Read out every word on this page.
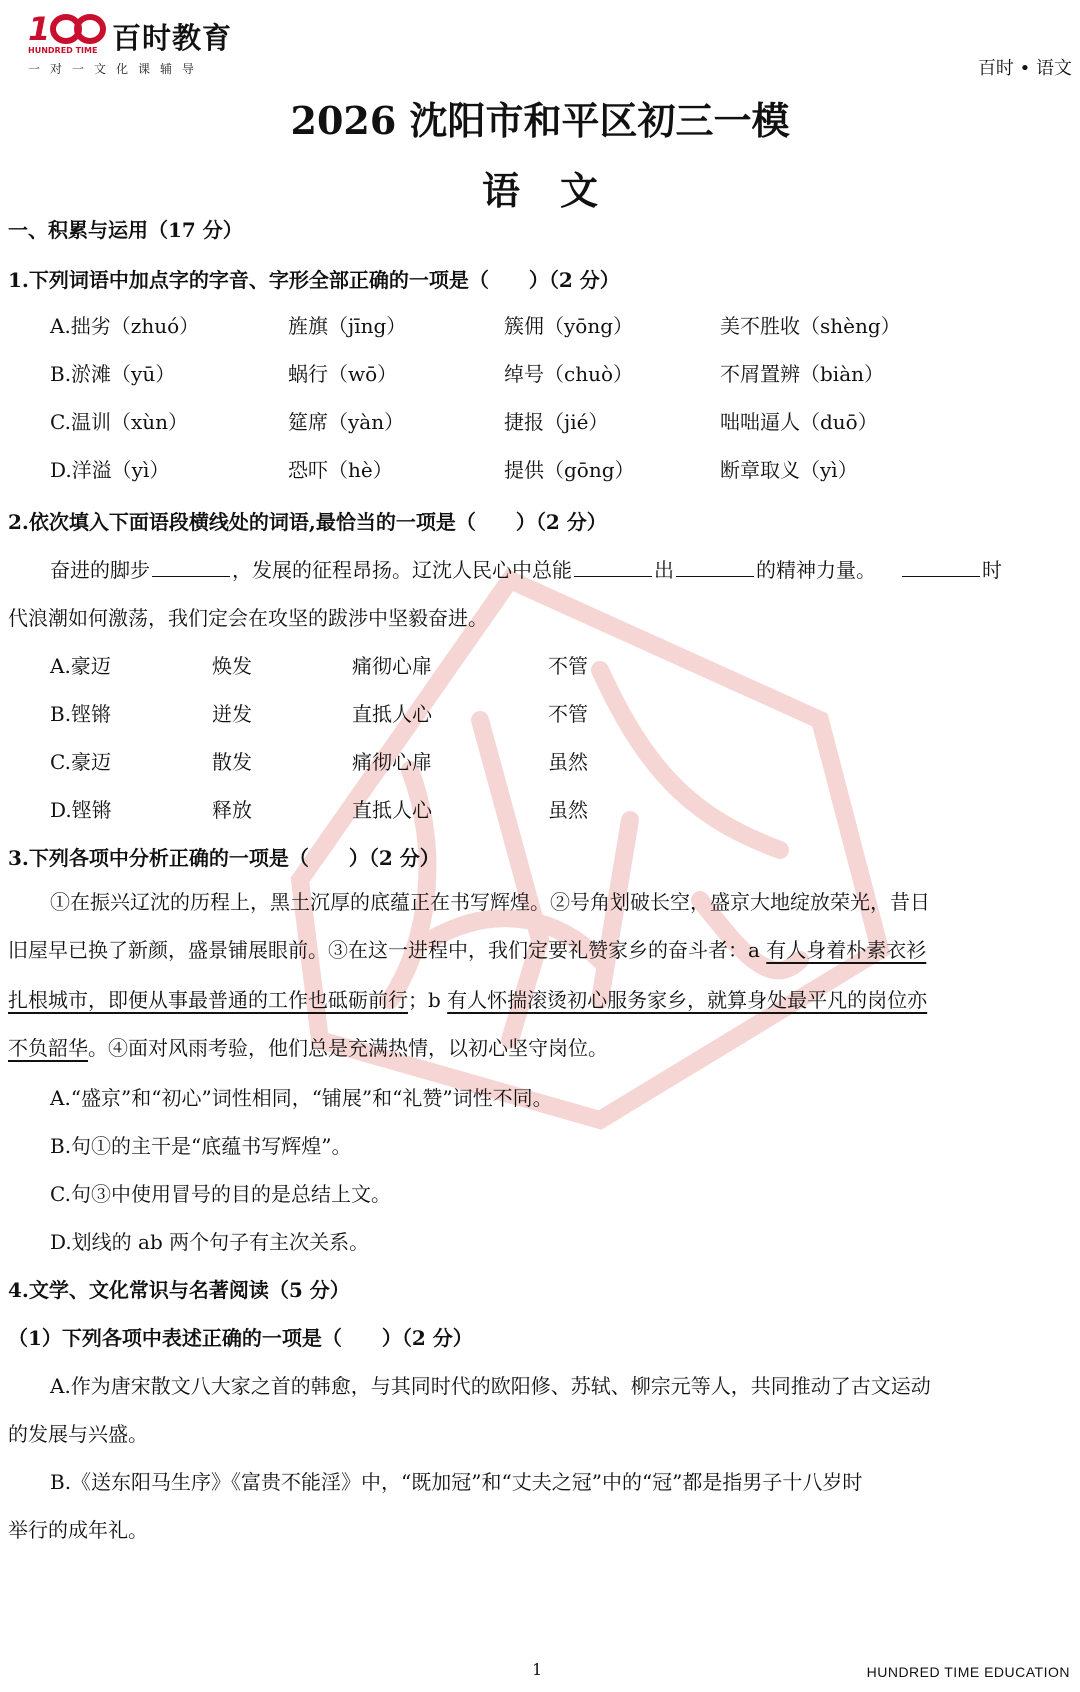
1 百时教育
HUNDRED TIME
一对一文化课辅导	百时 • 语文
2026 沈阳市和平区初三一模
语文
一、积累与运用（17 分）
1.下列词语中加点字的字音、字形全部正确的一项是（　　）（2 分）
A.拙劣（zhuó）	旌旗（jīng）	簇佣（yōng）	美不胜收（shèng）
B.淤滩（yū）	蜗行（wō）	绰号（chuò）	不屑置辨（biàn）
C.温训（xùn）	筵席（yàn）	捷报（jié）	咄咄逼人（duō）
D.洋溢（yì）	恐吓（hè）	提供（gōng）	断章取义（yì）
2.依次填入下面语段横线处的词语,最恰当的一项是（　　）（2 分）
奋进的脚步	，发展的征程昂扬。辽沈人民心中总能	出	的精神力量。	时
代浪潮如何激荡，我们定会在攻坚的跋涉中坚毅奋进。
A.豪迈	焕发	痛彻心扉	不管
B.铿锵	迸发	直抵人心	不管
C.豪迈	散发	痛彻心扉	虽然
D.铿锵	释放	直抵人心	虽然
3.下列各项中分析正确的一项是（　　）（2 分）
①在振兴辽沈的历程上，黑土沉厚的底蕴正在书写辉煌。②号角划破长空，盛京大地绽放荣光，昔日
旧屋早已换了新颜，盛景铺展眼前。③在这一进程中，我们定要礼赞家乡的奋斗者：a 有人身着朴素衣衫
扎根城市，即便从事最普通的工作也砥砺前行；b 有人怀揣滚烫初心服务家乡，就算身处最平凡的岗位亦
不负韶华。④面对风雨考验，他们总是充满热情，以初心坚守岗位。
A.“盛京”和“初心”词性相同，“铺展”和“礼赞”词性不同。
B.句①的主干是“底蕴书写辉煌”。
C.句③中使用冒号的目的是总结上文。
D.划线的 ab 两个句子有主次关系。
4.文学、文化常识与名著阅读（5 分）
（1）下列各项中表述正确的一项是（　　）（2 分）
A.作为唐宋散文八大家之首的韩愈，与其同时代的欧阳修、苏轼、柳宗元等人，共同推动了古文运动
的发展与兴盛。
B.《送东阳马生序》《富贵不能淫》中，“既加冠”和“丈夫之冠”中的“冠”都是指男子十八岁时
举行的成年礼。
1	HUNDRED TIME EDUCATION
